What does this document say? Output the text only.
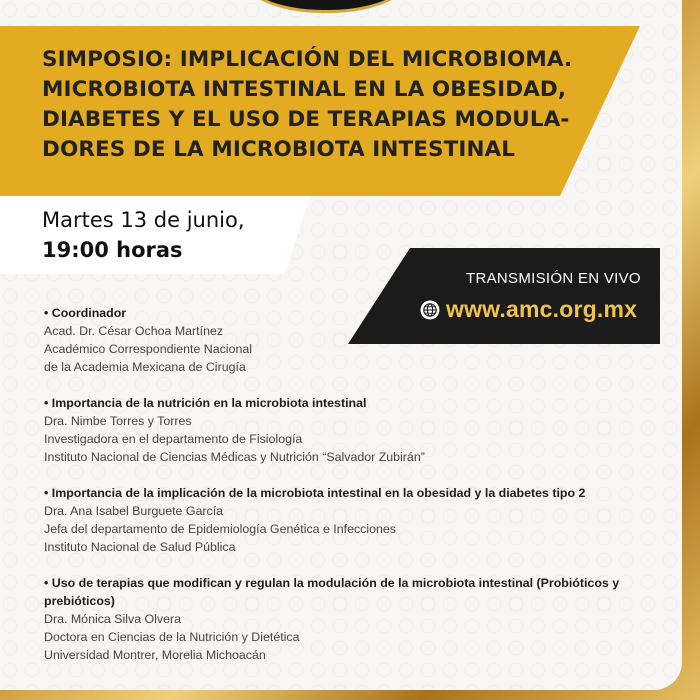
SIMPOSIO: IMPLICACIÓN DEL MICROBIOMA.
MICROBIOTA INTESTINAL EN LA OBESIDAD,
DIABETES Y EL USO DE TERAPIAS MODULA-
DORES DE LA MICROBIOTA INTESTINAL

Martes 13 de junio,
19:00 horas

TRANSMISIÓN EN VIVO
www.amc.org.mx
• Coordinador
Acad. Dr. César Ochoa Martínez
Académico Correspondiente Nacional
de la Academia Mexicana de Cirugía
• Importancia de la nutrición en la microbiota intestinal
Dra. Nimbe Torres y Torres
Investigadora en el departamento de Fisiología
Instituto Nacional de Ciencias Médicas y Nutrición “Salvador Zubirán”
• Importancia de la implicación de la microbiota intestinal en la obesidad y la diabetes tipo 2
Dra. Ana Isabel Burguete García
Jefa del departamento de Epidemiología Genética e Infecciones
Instituto Nacional de Salud Pública
• Uso de terapias que modifican y regulan la modulación de la microbiota intestinal (Probióticos y prebióticos)
Dra. Mónica Silva Olvera
Doctora en Ciencias de la Nutrición y Dietética
Universidad Montrer, Morelia Michoacán
